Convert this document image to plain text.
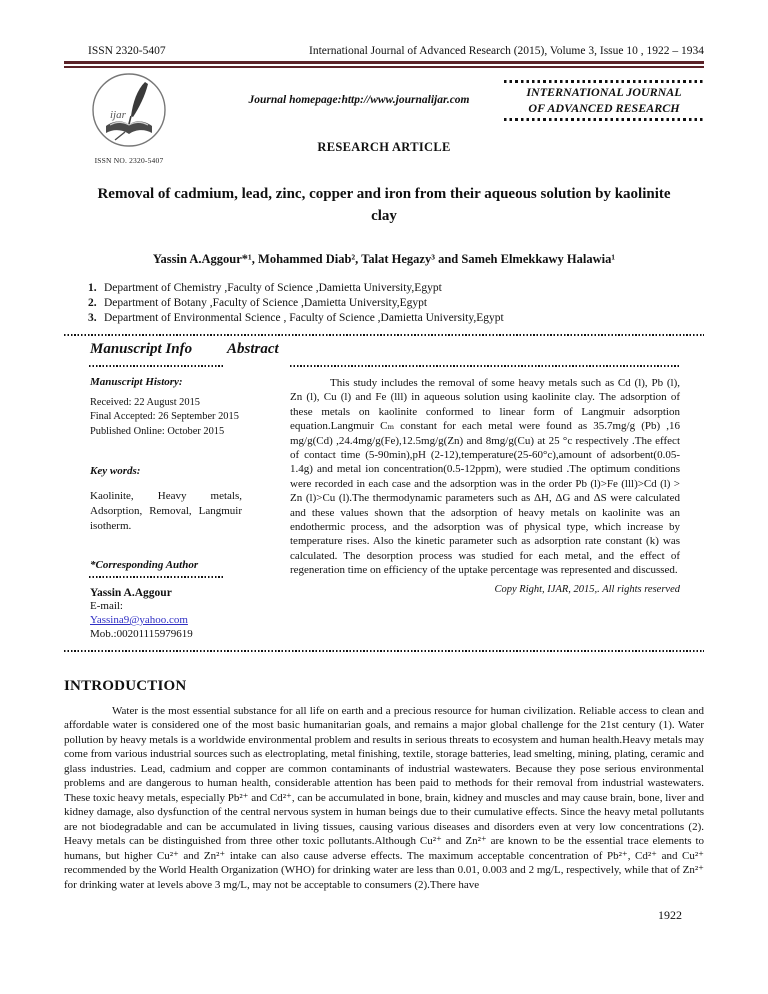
ISSN 2320-5407	International Journal of Advanced Research (2015), Volume 3, Issue 10 , 1922 – 1934
ijar
ISSN NO. 2320-5407
Journal homepage:http://www.journalijar.com
INTERNATIONAL JOURNAL
OF ADVANCED RESEARCH
RESEARCH ARTICLE
Removal of cadmium, lead, zinc, copper and iron from their aqueous solution by kaolinite clay
Yassin A.Aggour*¹, Mohammed Diab², Talat Hegazy³ and Sameh Elmekkawy Halawia¹
1. Department of Chemistry ,Faculty of Science ,Damietta University,Egypt
2. Department of Botany ,Faculty of Science ,Damietta University,Egypt
3. Department of Environmental Science , Faculty of Science ,Damietta University,Egypt
Manuscript Info Abstract
Manuscript History:
Received: 22 August 2015
Final Accepted: 26 September 2015
Published Online: October 2015
Key words:
Kaolinite, Heavy metals, Adsorption, Removal, Langmuir isotherm.
*Corresponding Author
Yassin A.Aggour
E-mail:
Yassina9@yahoo.com
Mob.:00201115979619
This study includes the removal of some heavy metals such as Cd (l), Pb (l), Zn (l), Cu (l) and Fe (lll) in aqueous solution using kaolinite clay. The adsorption of these metals on kaolinite conformed to linear form of Langmuir adsorption equation.Langmuir Cₘ constant for each metal were found as 35.7mg/g (Pb) ,16 mg/g(Cd) ,24.4mg/g(Fe),12.5mg/g(Zn) and 8mg/g(Cu) at 25 °c respectively .The effect of contact time (5-90min),pH (2-12),temperature(25-60°c),amount of adsorbent(0.05-1.4g) and metal ion concentration(0.5-12ppm), were studied .The optimum conditions were recorded in each case and the adsorption was in the order Pb (l)>Fe (lll)>Cd (l) > Zn (l)>Cu (l).The thermodynamic parameters such as ΔH, ΔG and ΔS were calculated and these values shown that the adsorption of heavy metals on kaolinite was an endothermic process, and the adsorption was of physical type, which increase by temperature rises. Also the kinetic parameter such as adsorption rate constant (k) was calculated. The desorption process was studied for each metal, and the effect of regeneration time on efficiency of the uptake percentage was represented and discussed.
Copy Right, IJAR, 2015,. All rights reserved
INTRODUCTION
Water is the most essential substance for all life on earth and a precious resource for human civilization. Reliable access to clean and affordable water is considered one of the most basic humanitarian goals, and remains a major global challenge for the 21st century (1). Water pollution by heavy metals is a worldwide environmental problem and results in serious threats to ecosystem and human health.Heavy metals may come from various industrial sources such as electroplating, metal finishing, textile, storage batteries, lead smelting, mining, plating, ceramic and glass industries. Lead, cadmium and copper are common contaminants of industrial wastewaters. Because they pose serious environmental problems and are dangerous to human health, considerable attention has been paid to methods for their removal from industrial wastewaters. These toxic heavy metals, especially Pb²⁺ and Cd²⁺, can be accumulated in bone, brain, kidney and muscles and may cause brain, bone, liver and kidney damage, also dysfunction of the central nervous system in human beings due to their cumulative effects. Since the heavy metal pollutants are not biodegradable and can be accumulated in living tissues, causing various diseases and disorders even at very low concentrations (2). Heavy metals can be distinguished from three other toxic pollutants.Although Cu²⁺ and Zn²⁺ are known to be the essential trace elements to humans, but higher Cu²⁺ and Zn²⁺ intake can also cause adverse effects. The maximum acceptable concentration of Pb²⁺, Cd²⁺ and Cu²⁺ recommended by the World Health Organization (WHO) for drinking water are less than 0.01, 0.003 and 2 mg/L, respectively, while that of Zn²⁺ for drinking water at levels above 3 mg/L, may not be acceptable to consumers (2).There have
1922
